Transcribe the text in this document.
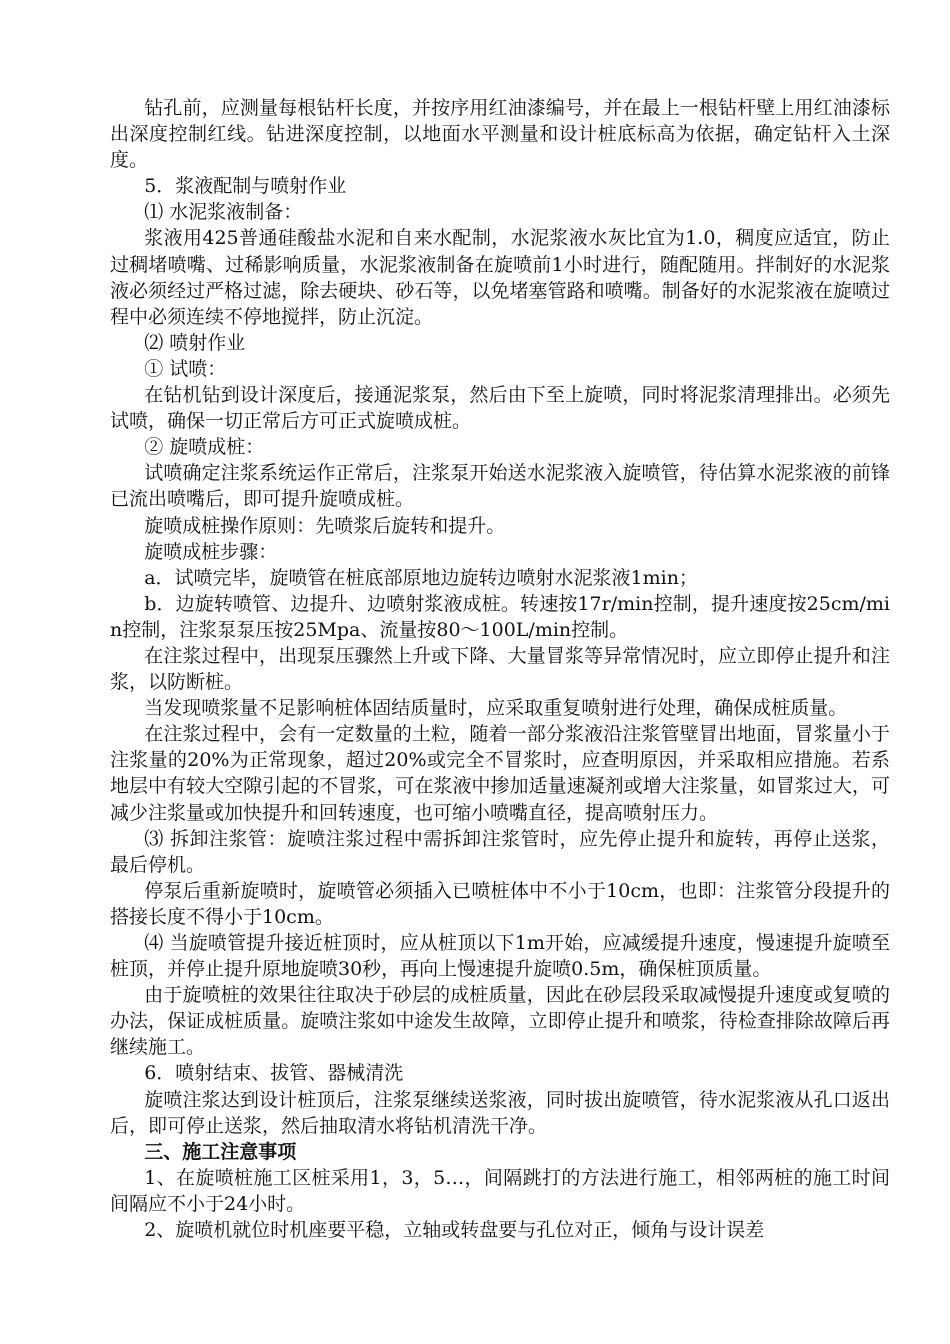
钻孔前，应测量每根钻杆长度，并按序用红油漆编号，并在最上一根钻杆壁上用红油漆标出深度控制红线。钻进深度控制，以地面水平测量和设计桩底标高为依据，确定钻杆入土深度。

5．浆液配制与喷射作业

⑴ 水泥浆液制备：

浆液用425普通硅酸盐水泥和自来水配制，水泥浆液水灰比宜为1.0，稠度应适宜，防止过稠堵喷嘴、过稀影响质量，水泥浆液制备在旋喷前1小时进行，随配随用。拌制好的水泥浆液必须经过严格过滤，除去硬块、砂石等，以免堵塞管路和喷嘴。制备好的水泥浆液在旋喷过程中必须连续不停地搅拌，防止沉淀。

⑵ 喷射作业

① 试喷：

在钻机钻到设计深度后，接通泥浆泵，然后由下至上旋喷，同时将泥浆清理排出。必须先试喷，确保一切正常后方可正式旋喷成桩。

② 旋喷成桩：

试喷确定注浆系统运作正常后，注浆泵开始送水泥浆液入旋喷管，待估算水泥浆液的前锋已流出喷嘴后，即可提升旋喷成桩。

旋喷成桩操作原则：先喷浆后旋转和提升。

旋喷成桩步骤：

a．试喷完毕，旋喷管在桩底部原地边旋转边喷射水泥浆液1min；

b．边旋转喷管、边提升、边喷射浆液成桩。转速按17r/min控制，提升速度按25cm/min控制，注浆泵泵压按25Mpa、流量按80～100L/min控制。

在注浆过程中，出现泵压骤然上升或下降、大量冒浆等异常情况时，应立即停止提升和注浆，以防断桩。

当发现喷浆量不足影响桩体固结质量时，应采取重复喷射进行处理，确保成桩质量。

在注浆过程中，会有一定数量的土粒，随着一部分浆液沿注浆管壁冒出地面，冒浆量小于注浆量的20%为正常现象，超过20%或完全不冒浆时，应查明原因，并采取相应措施。若系地层中有较大空隙引起的不冒浆，可在浆液中掺加适量速凝剂或增大注浆量，如冒浆过大，可减少注浆量或加快提升和回转速度，也可缩小喷嘴直径，提高喷射压力。

⑶ 拆卸注浆管：旋喷注浆过程中需拆卸注浆管时，应先停止提升和旋转，再停止送浆，最后停机。

停泵后重新旋喷时，旋喷管必须插入已喷桩体中不小于10cm，也即：注浆管分段提升的搭接长度不得小于10cm。

⑷ 当旋喷管提升接近桩顶时，应从桩顶以下1m开始，应减缓提升速度，慢速提升旋喷至桩顶，并停止提升原地旋喷30秒，再向上慢速提升旋喷0.5m，确保桩顶质量。

由于旋喷桩的效果往往取决于砂层的成桩质量，因此在砂层段采取减慢提升速度或复喷的办法，保证成桩质量。旋喷注浆如中途发生故障，立即停止提升和喷浆，待检查排除故障后再继续施工。

6．喷射结束、拔管、器械清洗

旋喷注浆达到设计桩顶后，注浆泵继续送浆液，同时拔出旋喷管，待水泥浆液从孔口返出后，即可停止送浆，然后抽取清水将钻机清洗干净。

三、施工注意事项

1、在旋喷桩施工区桩采用1，3，5…，间隔跳打的方法进行施工，相邻两桩的施工时间间隔应不小于24小时。

2、旋喷机就位时机座要平稳，立轴或转盘要与孔位对正，倾角与设计误差
